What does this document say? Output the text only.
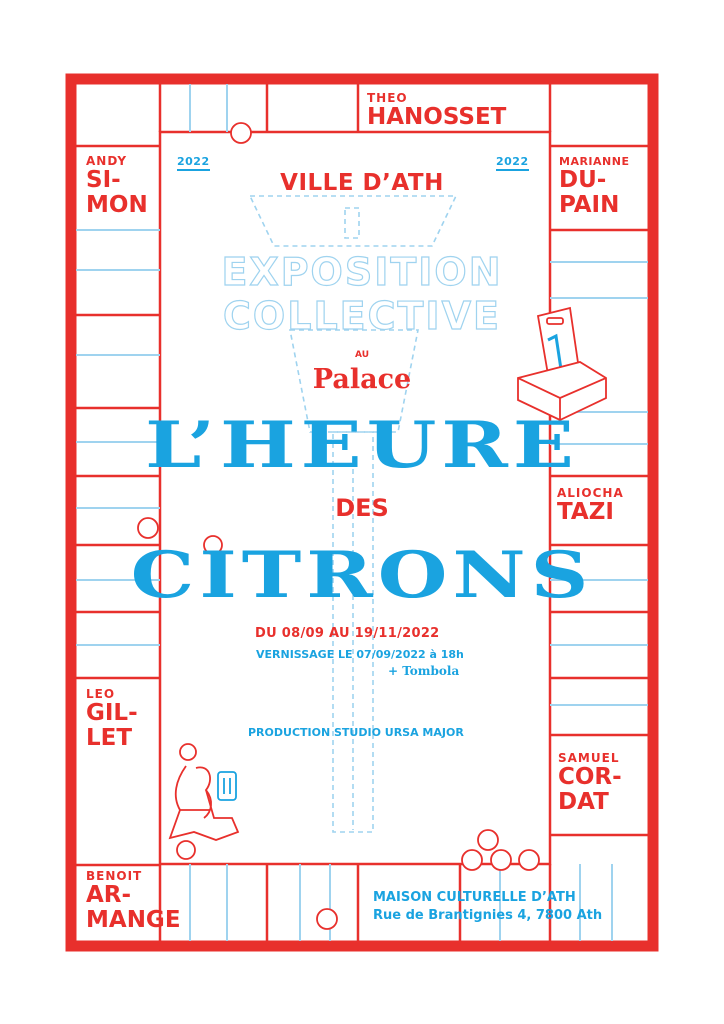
THEO
HANOSSET
ANDY
SI-
MON
MARIANNE
DU-
PAIN
ALIOCHA
TAZI
LEO
GIL-
LET
SAMUEL
COR-
DAT
BENOIT
AR-
MANGE
2022	2022
VILLE D’ATH
EXPOSITION
COLLECTIVE
AU
Palace
L’HEURE
DES
CITRONS
DU 08/09 AU 19/11/2022
VERNISSAGE LE 07/09/2022 à 18h
+ Tombola
PRODUCTION STUDIO URSA MAJOR
MAISON CULTURELLE D’ATH
Rue de Brantignies 4, 7800 Ath
